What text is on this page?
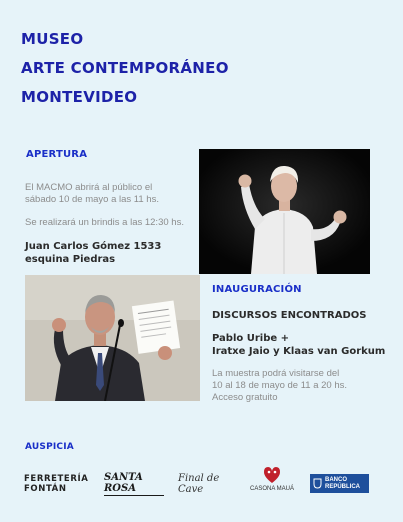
MUSEO
ARTE CONTEMPORÁNEO
MONTEVIDEO
APERTURA
El MACMO abrirá al público el
sábado 10 de mayo a las 11 hs.
Se realizará un brindis a las 12:30 hs.
Juan Carlos Gómez 1533
esquina Piedras
INAUGURACIÓN
DISCURSOS ENCONTRADOS
Pablo Uribe +
Iratxe Jaio y Klaas van Gorkum
La muestra podrá visitarse del
10 al 18 de mayo de 11 a 20 hs.
Acceso gratuito
AUSPICIA
FERRETERÍA
FONTÁN
SANTA ROSA
Final de Cave	CASONA MAUÁ
BANCO
REPÚBLICA
